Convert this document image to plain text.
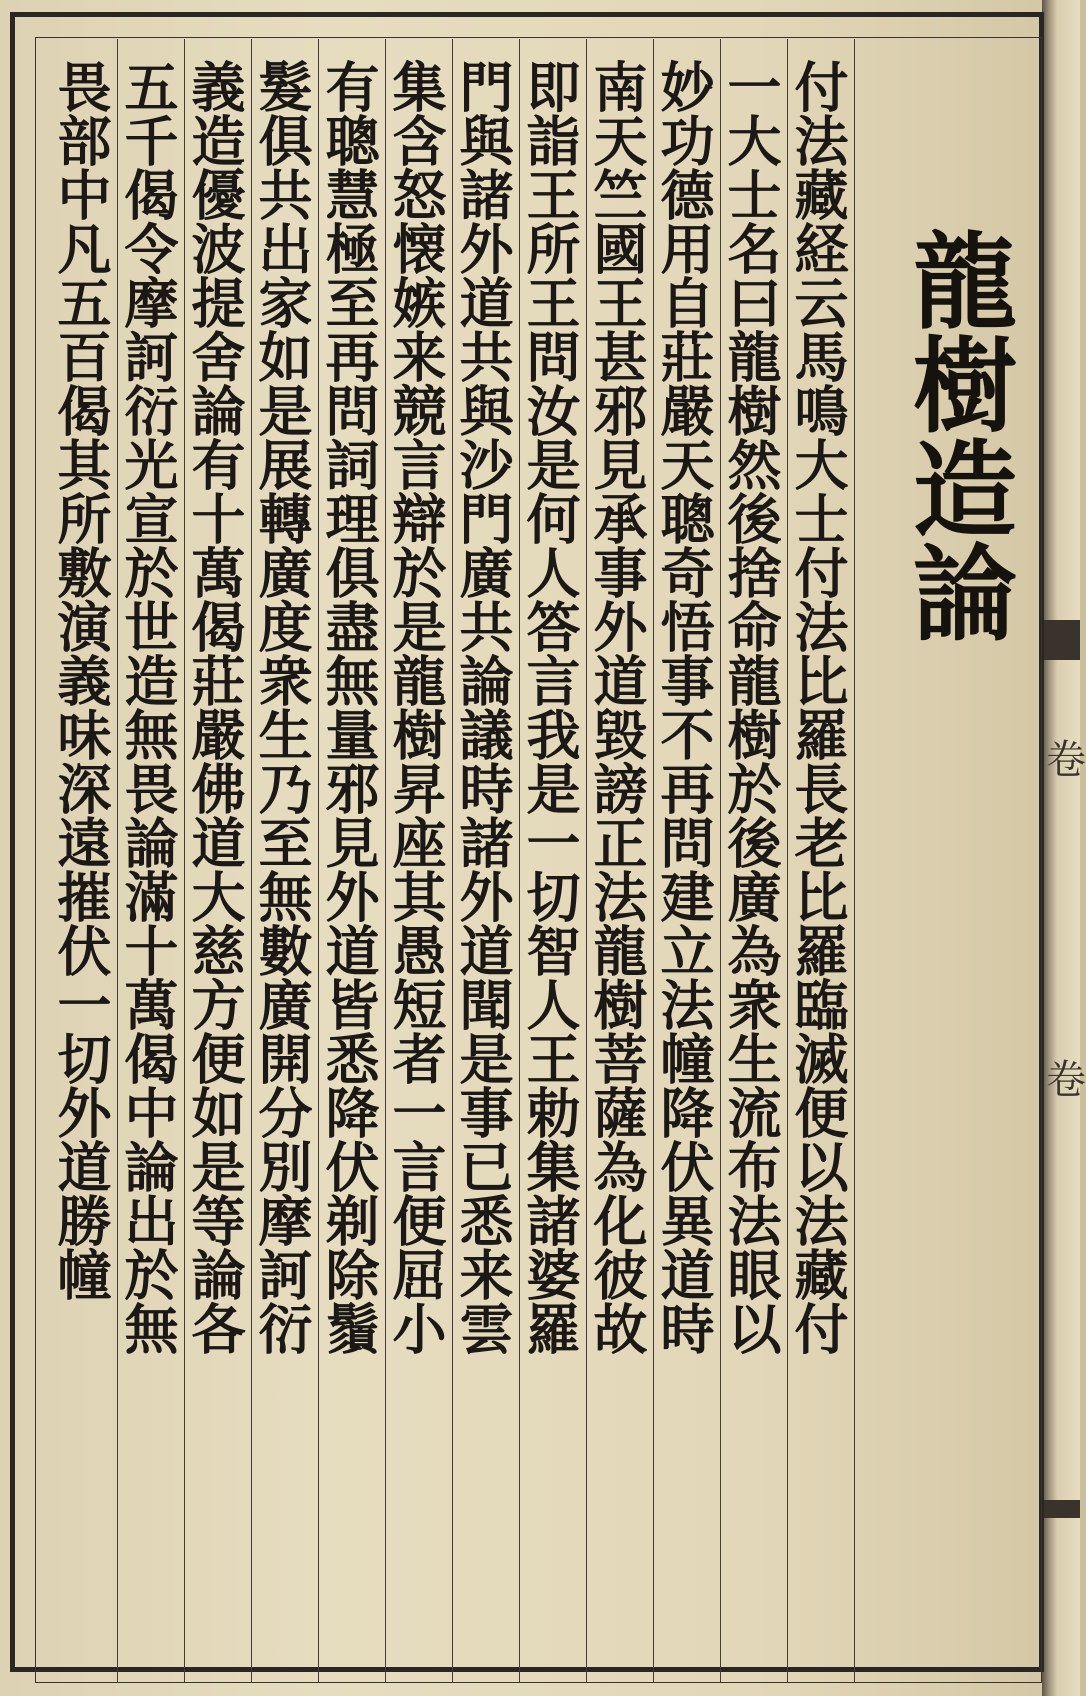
卷
卷
龍樹造論

付法藏経云馬鳴大士付法比羅長老比羅臨滅便以法藏付

一大士名曰龍樹然後捨命龍樹於後廣為衆生流布法眼以

妙功德用自莊嚴天聰奇悟事不再問建立法幢降伏異道時

南天竺國王甚邪見承事外道毀謗正法龍樹菩薩為化彼故

即詣王所王問汝是何人答言我是一切智人王勅集諸婆羅

門與諸外道共與沙門廣共論議時諸外道聞是事已悉来雲

集含怒懐嫉来競言辯於是龍樹昇座其愚短者一言便屈小

有聰慧極至再問詞理俱盡無量邪見外道皆悉降伏剃除鬚

髮俱共出家如是展轉廣度衆生乃至無數廣開分別摩訶衍

義造優波提舍論有十萬偈莊嚴佛道大慈方便如是等論各

五千偈令摩訶衍光宣於世造無畏論滿十萬偈中論出於無

畏部中凡五百偈其所敷演義味深遠摧伏一切外道勝幢
